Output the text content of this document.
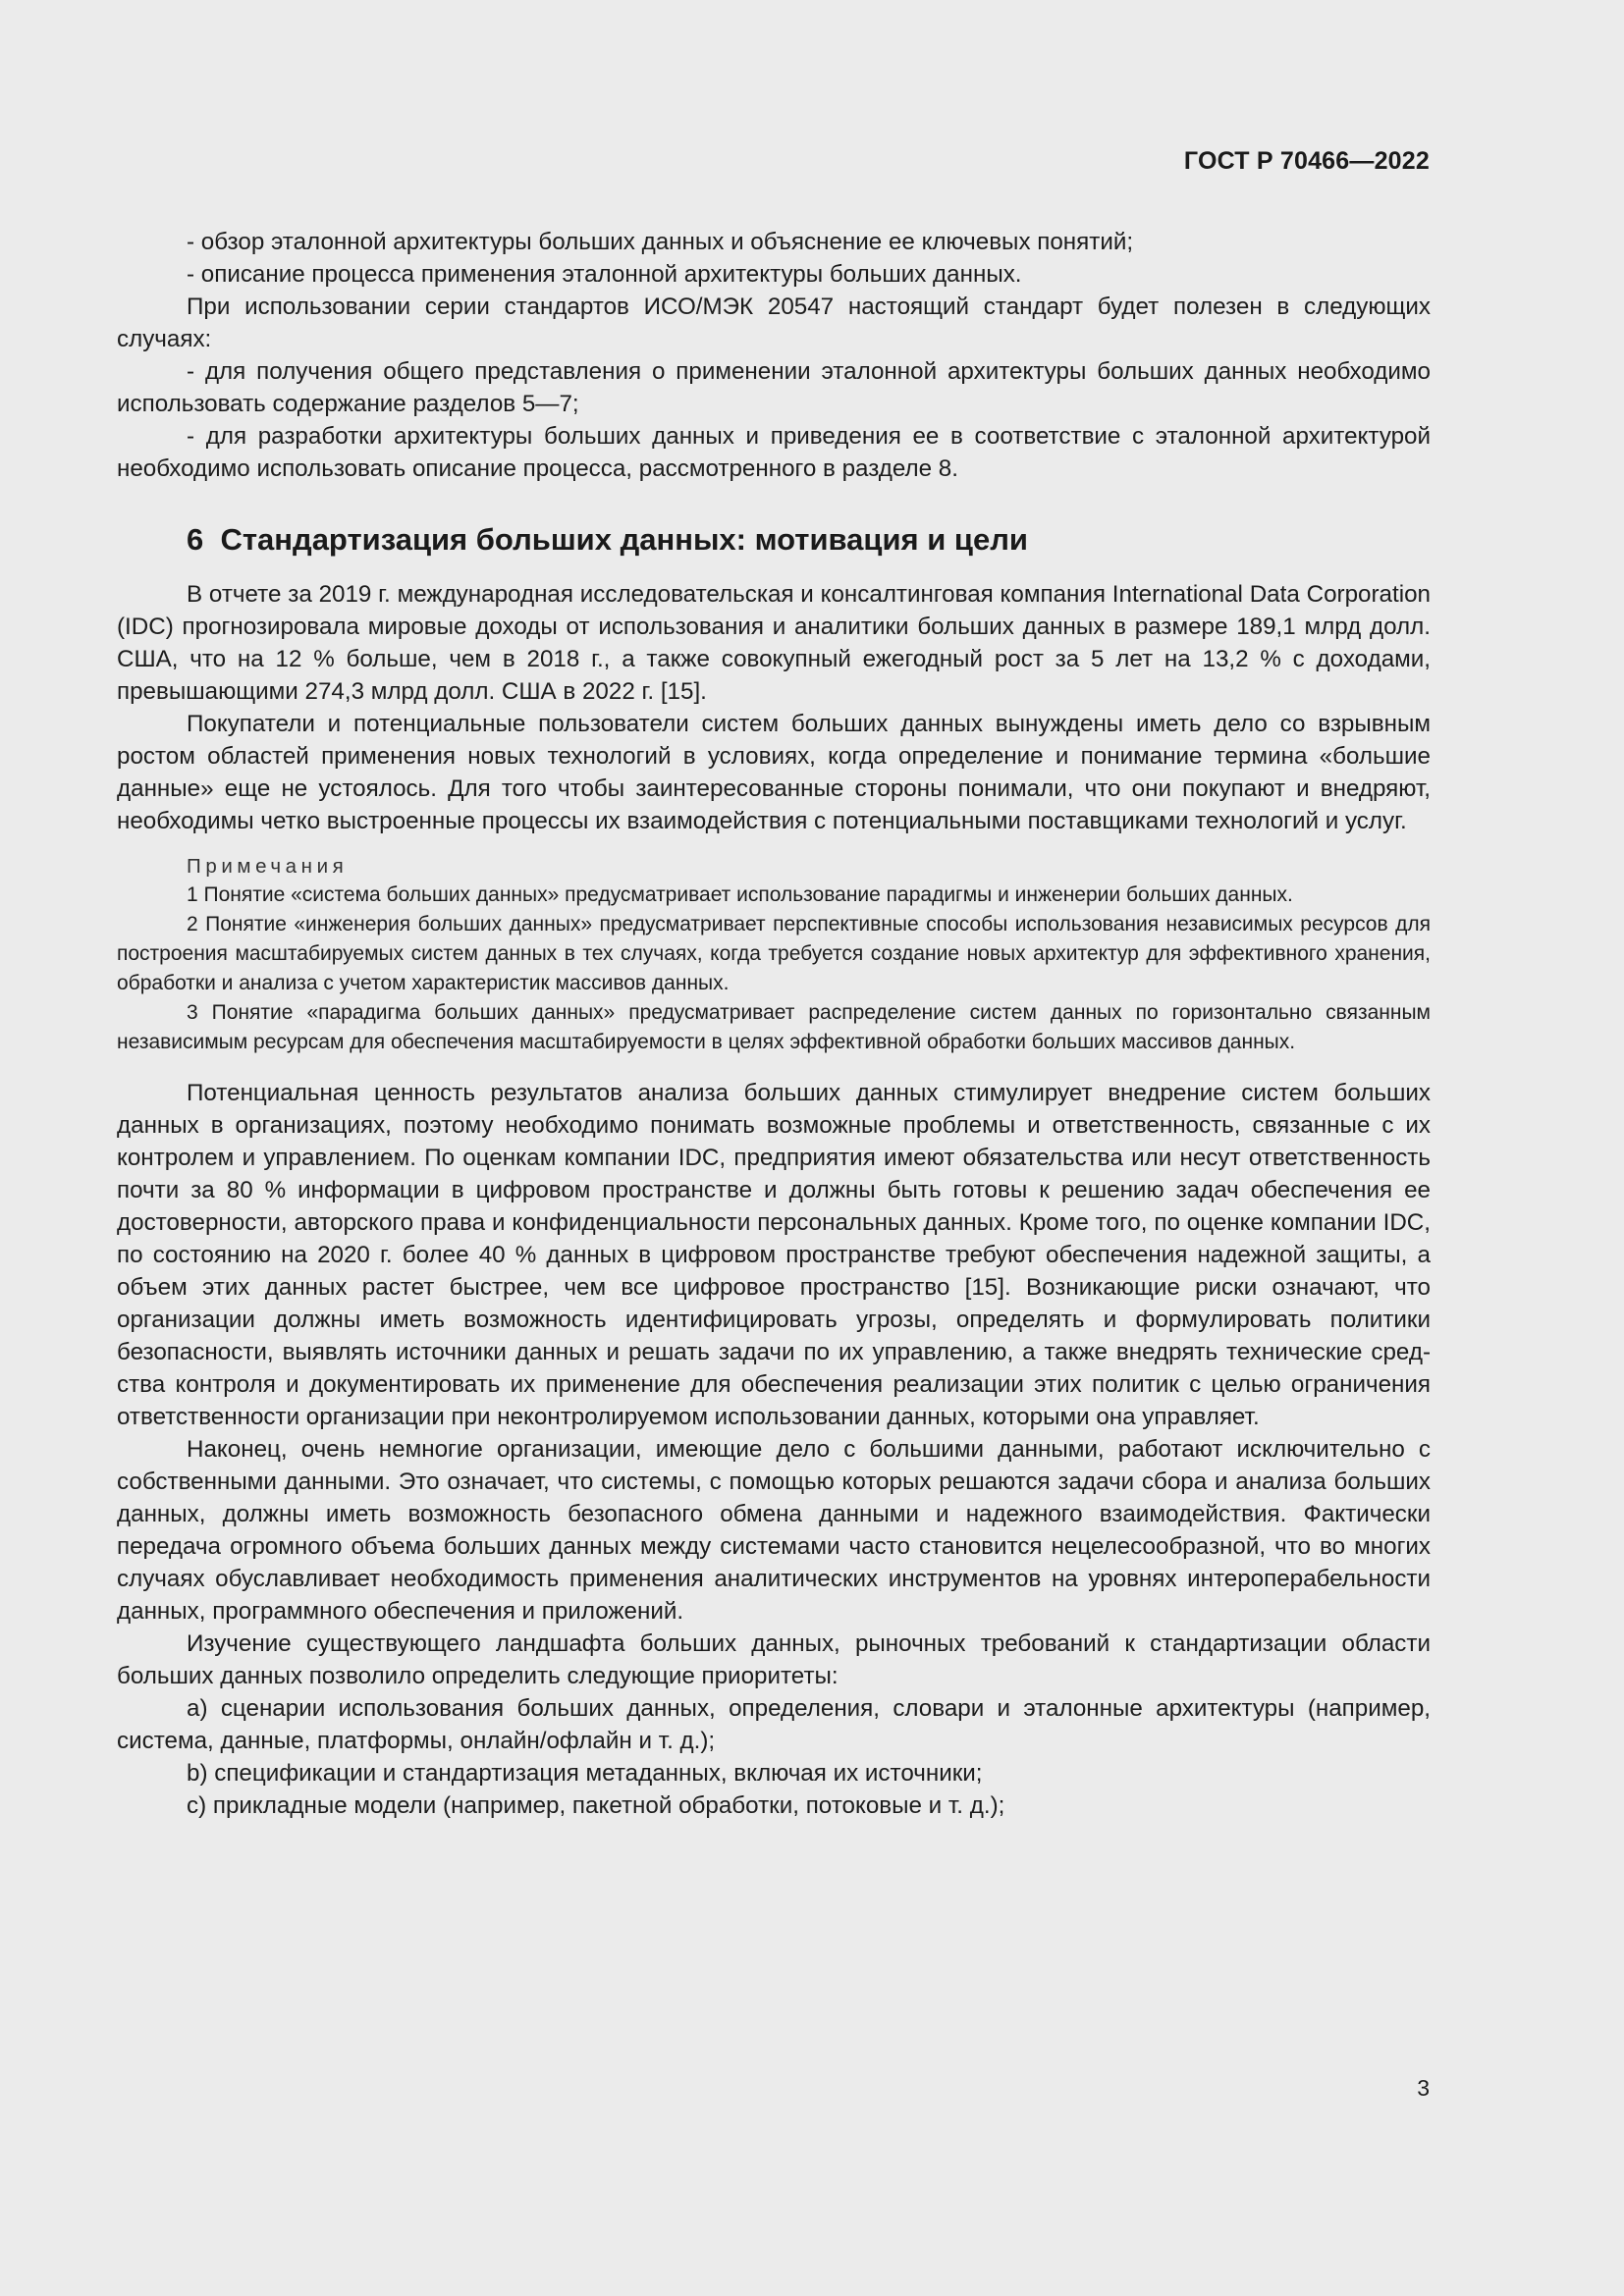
ГОСТ Р 70466—2022

- обзор эталонной архитектуры больших данных и объяснение ее ключевых понятий;

- описание процесса применения эталонной архитектуры больших данных.

При использовании серии стандартов ИСО/МЭК 20547 настоящий стандарт будет полезен в следующих случаях:

- для получения общего представления о применении эталонной архитектуры больших данных необходимо использовать содержание разделов 5—7;

- для разработки архитектуры больших данных и приведения ее в соответствие с эталонной архитектурой необходимо использовать описание процесса, рассмотренного в разделе 8.

6 Стандартизация больших данных: мотивация и цели

В отчете за 2019 г. международная исследовательская и консалтинговая компания International Data Corporation (IDC) прогнозировала мировые доходы от использования и аналитики больших данных в размере 189,1 млрд долл. США, что на 12 % больше, чем в 2018 г., а также совокупный ежегодный рост за 5 лет на 13,2 % с доходами, превышающими 274,3 млрд долл. США в 2022 г. [15].

Покупатели и потенциальные пользователи систем больших данных вынуждены иметь дело со взрывным ростом областей применения новых технологий в условиях, когда определение и понимание термина «большие данные» еще не устоялось. Для того чтобы заинтересованные стороны понимали, что они покупают и внедряют, необходимы четко выстроенные процессы их взаимодействия с потенциальными поставщиками технологий и услуг.

Примечания
1 Понятие «система больших данных» предусматривает использование парадигмы и инженерии больших данных.
2 Понятие «инженерия больших данных» предусматривает перспективные способы использования независимых ресурсов для построения масштабируемых систем данных в тех случаях, когда требуется создание новых архитектур для эффективного хранения, обработки и анализа с учетом характеристик массивов данных.
3 Понятие «парадигма больших данных» предусматривает распределение систем данных по горизонтально связанным независимым ресурсам для обеспечения масштабируемости в целях эффективной обработки больших массивов данных.

Потенциальная ценность результатов анализа больших данных стимулирует внедрение систем больших данных в организациях, поэтому необходимо понимать возможные проблемы и ответственность, связанные с их контролем и управлением. По оценкам компании IDC, предприятия имеют обязательства или несут ответственность почти за 80 % информации в цифровом пространстве и должны быть готовы к решению задач обеспечения ее достоверности, авторского права и конфиденциальности персональных данных. Кроме того, по оценке компании IDC, по состоянию на 2020 г. более 40 % данных в цифровом пространстве требуют обеспечения надежной защиты, а объем этих данных растет быстрее, чем все цифровое пространство [15]. Возникающие риски означают, что организации должны иметь возможность идентифицировать угрозы, определять и формулировать политики безопасности, выявлять источники данных и решать задачи по их управлению, а также внедрять технические средства контроля и документировать их применение для обеспечения реализации этих политик с целью ограничения ответственности организации при неконтролируемом использовании данных, которыми она управляет.

Наконец, очень немногие организации, имеющие дело с большими данными, работают исключительно с собственными данными. Это означает, что системы, с помощью которых решаются задачи сбора и анализа больших данных, должны иметь возможность безопасного обмена данными и надежного взаимодействия. Фактически передача огромного объема больших данных между системами часто становится нецелесообразной, что во многих случаях обуславливает необходимость применения аналитических инструментов на уровнях интероперабельности данных, программного обеспечения и приложений.

Изучение существующего ландшафта больших данных, рыночных требований к стандартизации области больших данных позволило определить следующие приоритеты:

а) сценарии использования больших данных, определения, словари и эталонные архитектуры (например, система, данные, платформы, онлайн/офлайн и т. д.);

b) спецификации и стандартизация метаданных, включая их источники;

c) прикладные модели (например, пакетной обработки, потоковые и т. д.);

3
